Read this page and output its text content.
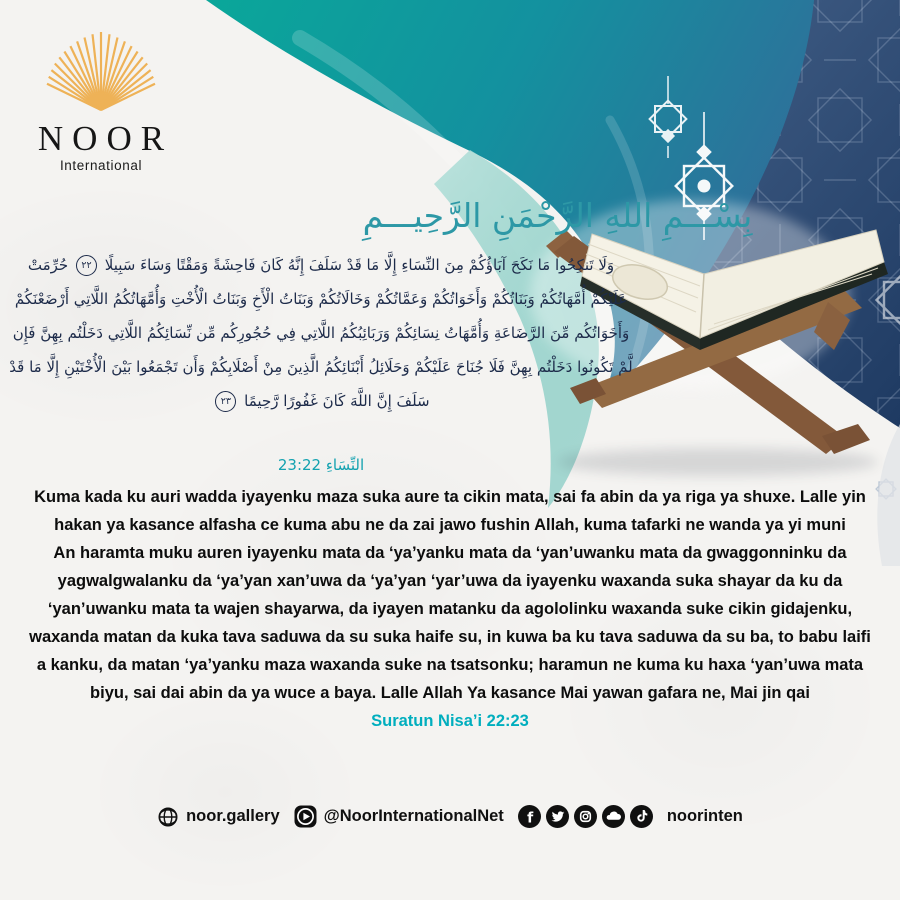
NOOR
International
بِسْـــمِ اللهِ الرَّحْمَنِ الرَّحِيـــمِ

وَلَا تَنكِحُوا مَا نَكَحَ آبَاؤُكُمْ مِنَ النِّسَاءِ إِلَّا مَا قَدْ سَلَفَ إِنَّهُ كَانَ فَاحِشَةً وَمَقْتًا وَسَاءَ سَبِيلًا ٢٢ حُرِّمَتْ عَلَيْكُمْ أُمَّهَاتُكُمْ وَبَنَاتُكُمْ وَأَخَوَاتُكُمْ وَعَمَّاتُكُمْ وَخَالَاتُكُمْ وَبَنَاتُ الْأَخِ وَبَنَاتُ الْأُخْتِ وَأُمَّهَاتُكُمُ اللَّاتِي أَرْضَعْنَكُمْ وَأَخَوَاتُكُم مِّنَ الرَّضَاعَةِ وَأُمَّهَاتُ نِسَائِكُمْ وَرَبَائِبُكُمُ اللَّاتِي فِي حُجُورِكُم مِّن نِّسَائِكُمُ اللَّاتِي دَخَلْتُم بِهِنَّ فَإِن لَّمْ تَكُونُوا دَخَلْتُم بِهِنَّ فَلَا جُنَاحَ عَلَيْكُمْ وَحَلَائِلُ أَبْنَائِكُمُ الَّذِينَ مِنْ أَصْلَابِكُمْ وَأَن تَجْمَعُوا بَيْنَ الْأُخْتَيْنِ إِلَّا مَا قَدْ سَلَفَ إِنَّ اللَّهَ كَانَ غَفُورًا رَّحِيمًا ٢٣

النِّسَاءِ 23:22

Kuma kada ku auri wadda iyayenku maza suka aure ta cikin mata, sai fa abin da ya riga ya shuxe. Lalle yin hakan ya kasance alfasha ce kuma abu ne da zai jawo fushin Allah, kuma tafarki ne wanda ya yi muni

An haramta muku auren iyayenku mata da ‘ya’yanku mata da ‘yan’uwanku mata da gwaggonninku da yagwalgwalanku da ‘ya’yan xan’uwa da ‘ya’yan ‘yar’uwa da iyayenku waxanda suka shayar da ku da ‘yan’uwanku mata ta wajen shayarwa, da iyayen matanku da agololinku waxanda suke cikin gidajenku, waxanda matan da kuka tava saduwa da su suka haife su, in kuwa ba ku tava saduwa da su ba, to babu laifi a kanku, da matan ‘ya’yanku maza waxanda suke na tsatsonku; haramun ne kuma ku haxa ‘yan’uwa mata biyu, sai dai abin da ya wuce a baya. Lalle Allah Ya kasance Mai yawan gafara ne, Mai jin qai

Suratun Nisa’i 22:23

noor.gallery	@NoorInternationalNet f	noorinten
